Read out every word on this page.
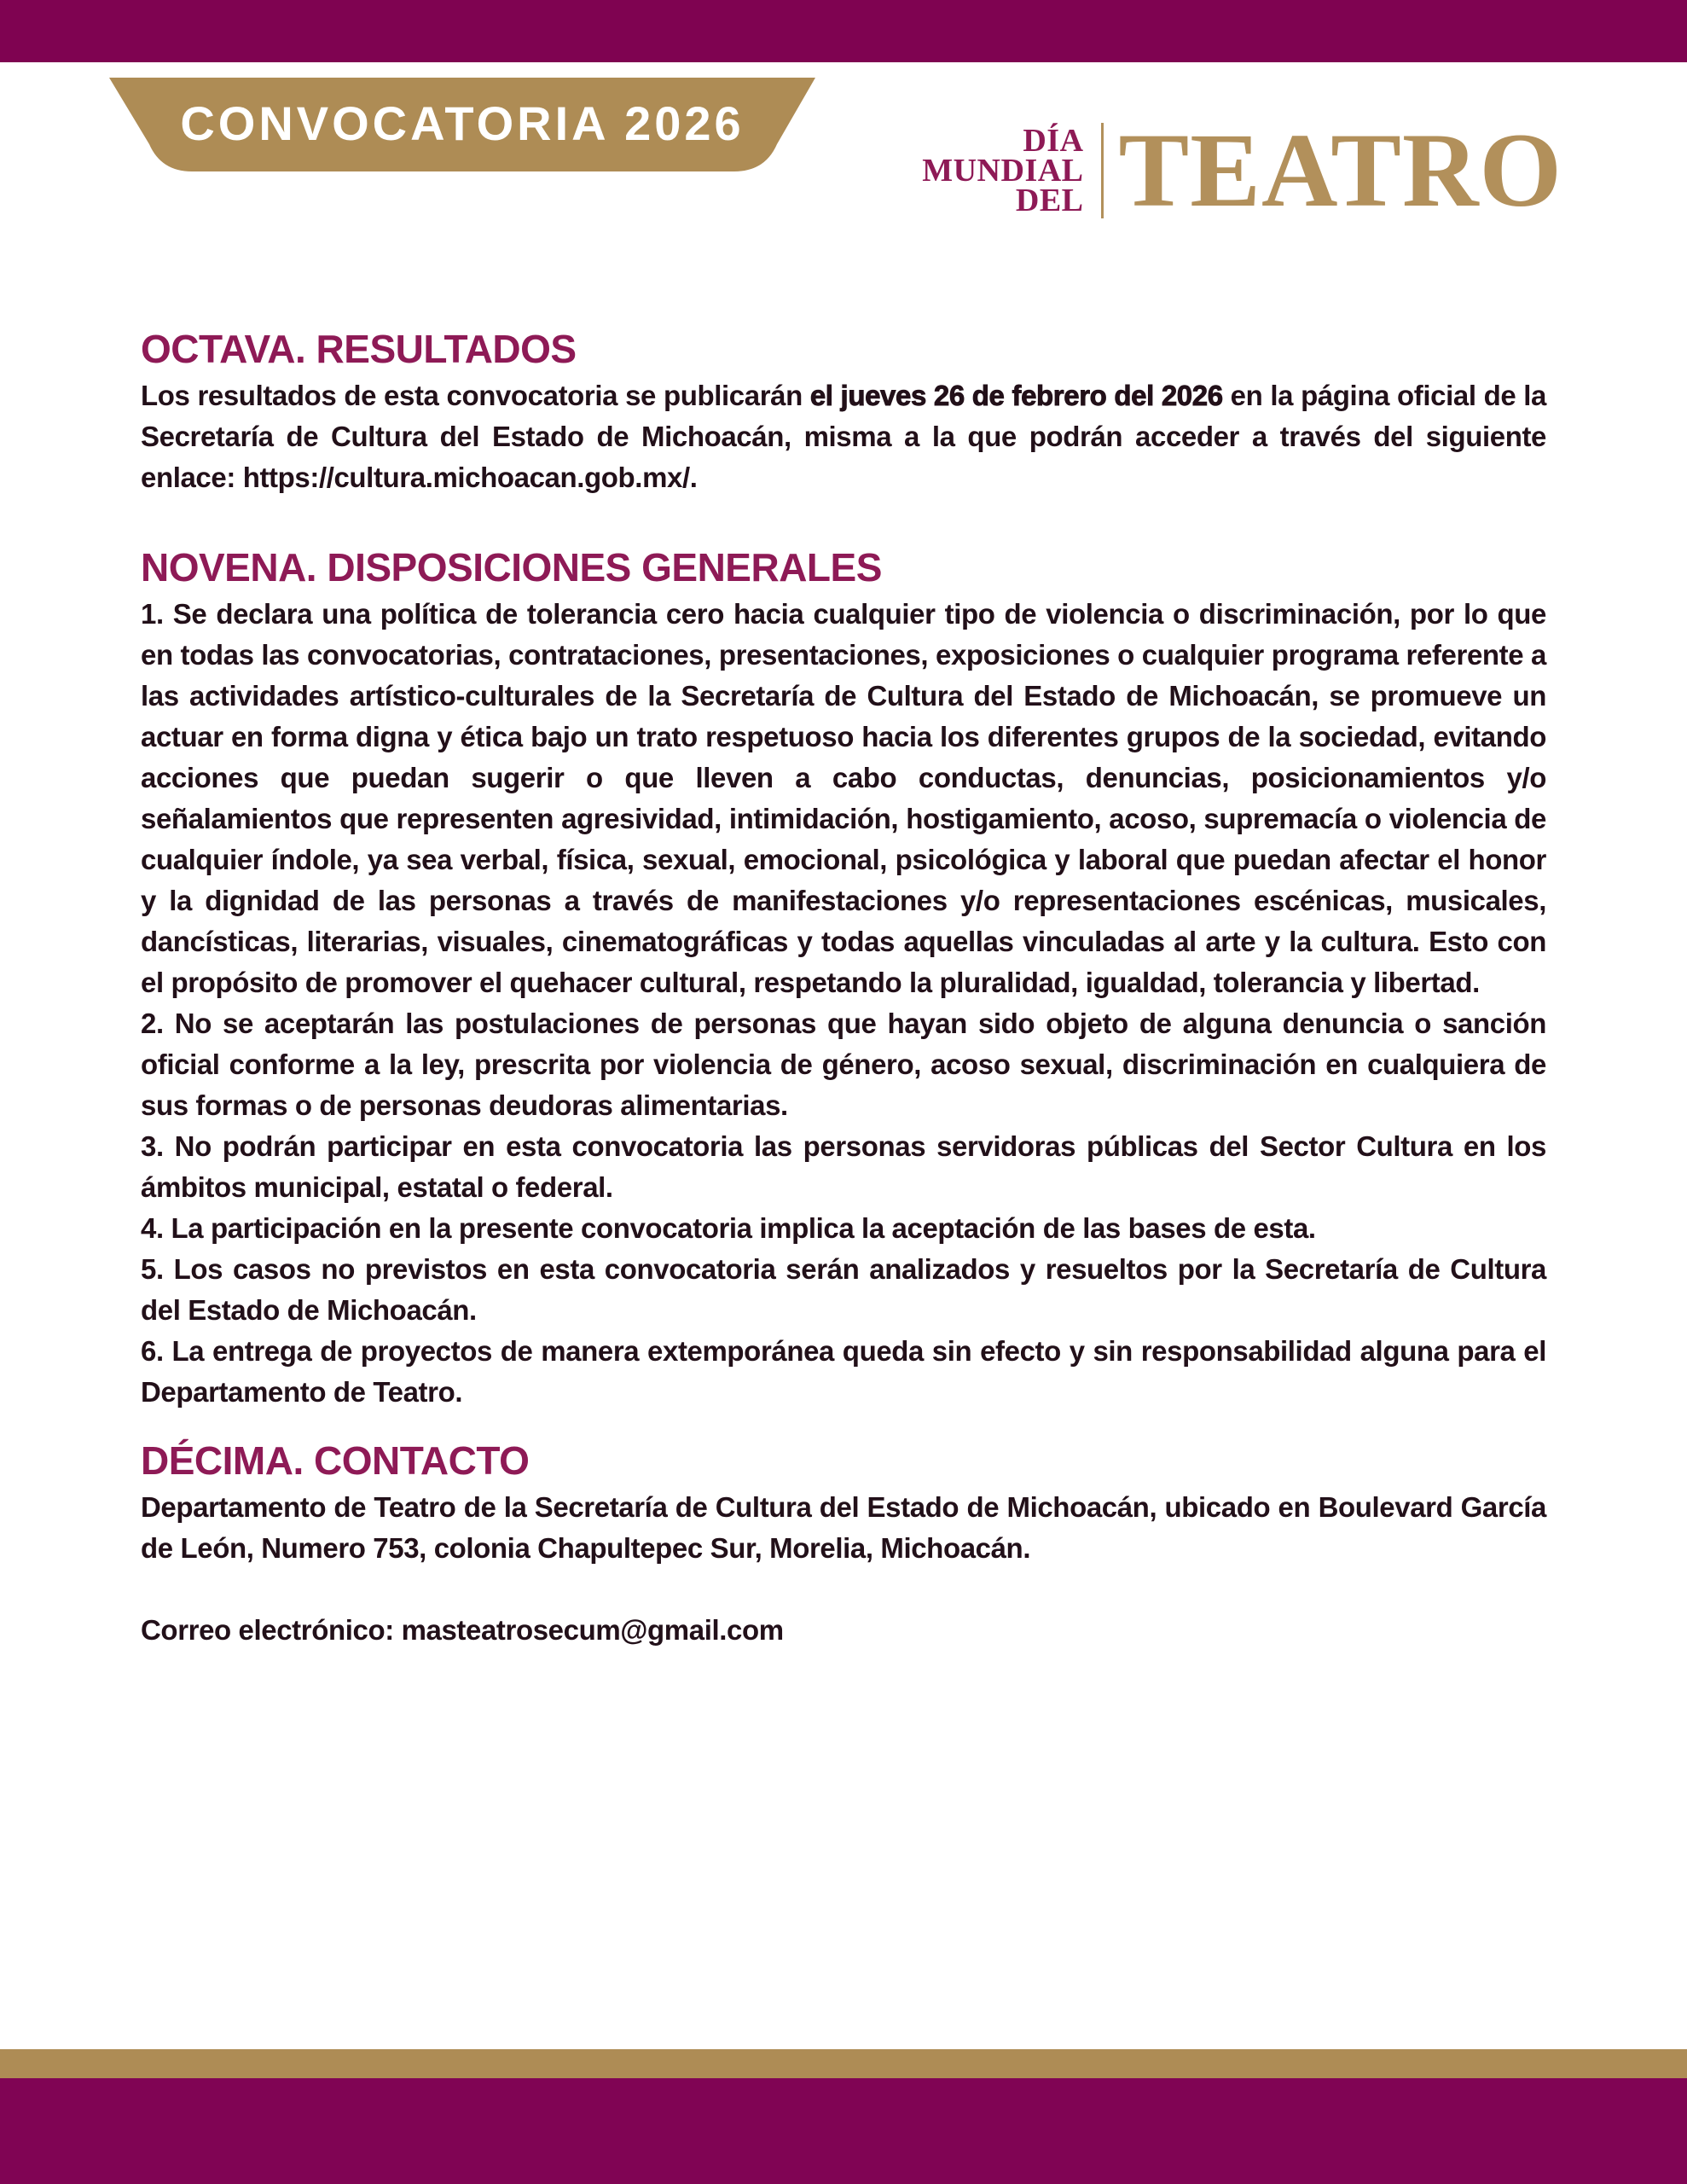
CONVOCATORIA 2026	DÍA
MUNDIAL
DEL TEATRO
OCTAVA. RESULTADOS

Los resultados de esta convocatoria se publicarán el jueves 26 de febrero del 2026 en la página oficial de la Secretaría de Cultura del Estado de Michoacán, misma a la que podrán acceder a través del siguiente enlace: https://cultura.michoacan.gob.mx/.

NOVENA. DISPOSICIONES GENERALES

1. Se declara una política de tolerancia cero hacia cualquier tipo de violencia o discriminación, por lo que en todas las convocatorias, contrataciones, presentaciones, exposiciones o cualquier programa referente a las actividades artístico-culturales de la Secretaría de Cultura del Estado de Michoacán, se promueve un actuar en forma digna y ética bajo un trato respetuoso hacia los diferentes grupos de la sociedad, evitando acciones que puedan sugerir o que lleven a cabo conductas, denuncias, posicionamientos y/o señalamientos que representen agresividad, intimidación, hostigamiento, acoso, supremacía o violencia de cualquier índole, ya sea verbal, física, sexual, emocional, psicológica y laboral que puedan afectar el honor y la dignidad de las personas a través de manifestaciones y/o representaciones escénicas, musicales, dancísticas, literarias, visuales, cinematográficas y todas aquellas vinculadas al arte y la cultura. Esto con el propósito de promover el quehacer cultural, respetando la pluralidad, igualdad, tolerancia y libertad.

2. No se aceptarán las postulaciones de personas que hayan sido objeto de alguna denuncia o sanción oficial conforme a la ley, prescrita por violencia de género, acoso sexual, discriminación en cualquiera de sus formas o de personas deudoras alimentarias.

3. No podrán participar en esta convocatoria las personas servidoras públicas del Sector Cultura en los ámbitos municipal, estatal o federal.

4. La participación en la presente convocatoria implica la aceptación de las bases de esta.

5. Los casos no previstos en esta convocatoria serán analizados y resueltos por la Secretaría de Cultura del Estado de Michoacán.

6. La entrega de proyectos de manera extemporánea queda sin efecto y sin responsabilidad alguna para el Departamento de Teatro.

DÉCIMA. CONTACTO

Departamento de Teatro de la Secretaría de Cultura del Estado de Michoacán, ubicado en Boulevard García de León, Numero 753, colonia Chapultepec Sur, Morelia, Michoacán.

Correo electrónico: masteatrosecum@gmail.com
